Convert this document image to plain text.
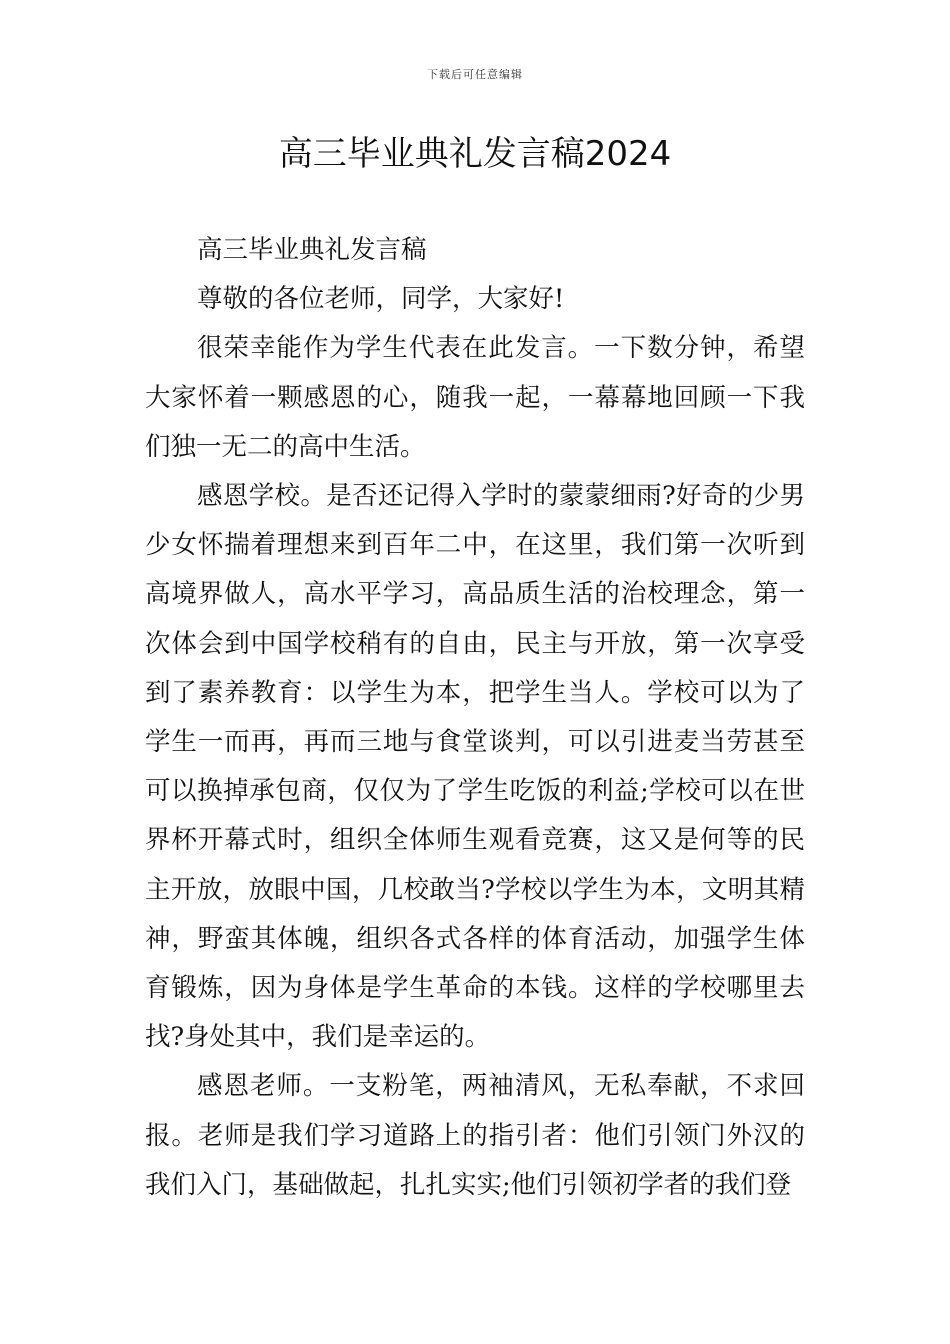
下载后可任意编辑
高三毕业典礼发言稿2024

高三毕业典礼发言稿

尊敬的各位老师，同学，大家好!

很荣幸能作为学生代表在此发言。一下数分钟，希望大家怀着一颗感恩的心，随我一起，一幕幕地回顾一下我们独一无二的高中生活。

感恩学校。是否还记得入学时的蒙蒙细雨?好奇的少男少女怀揣着理想来到百年二中，在这里，我们第一次听到高境界做人，高水平学习，高品质生活的治校理念，第一次体会到中国学校稍有的自由，民主与开放，第一次享受到了素养教育：以学生为本，把学生当人。学校可以为了学生一而再，再而三地与食堂谈判，可以引进麦当劳甚至可以换掉承包商，仅仅为了学生吃饭的利益;学校可以在世界杯开幕式时，组织全体师生观看竞赛，这又是何等的民主开放，放眼中国，几校敢当?学校以学生为本，文明其精神，野蛮其体魄，组织各式各样的体育活动，加强学生体育锻炼，因为身体是学生革命的本钱。这样的学校哪里去找?身处其中，我们是幸运的。

感恩老师。一支粉笔，两袖清风，无私奉献，不求回报。老师是我们学习道路上的指引者：他们引领门外汉的我们入门，基础做起，扎扎实实;他们引领初学者的我们登
